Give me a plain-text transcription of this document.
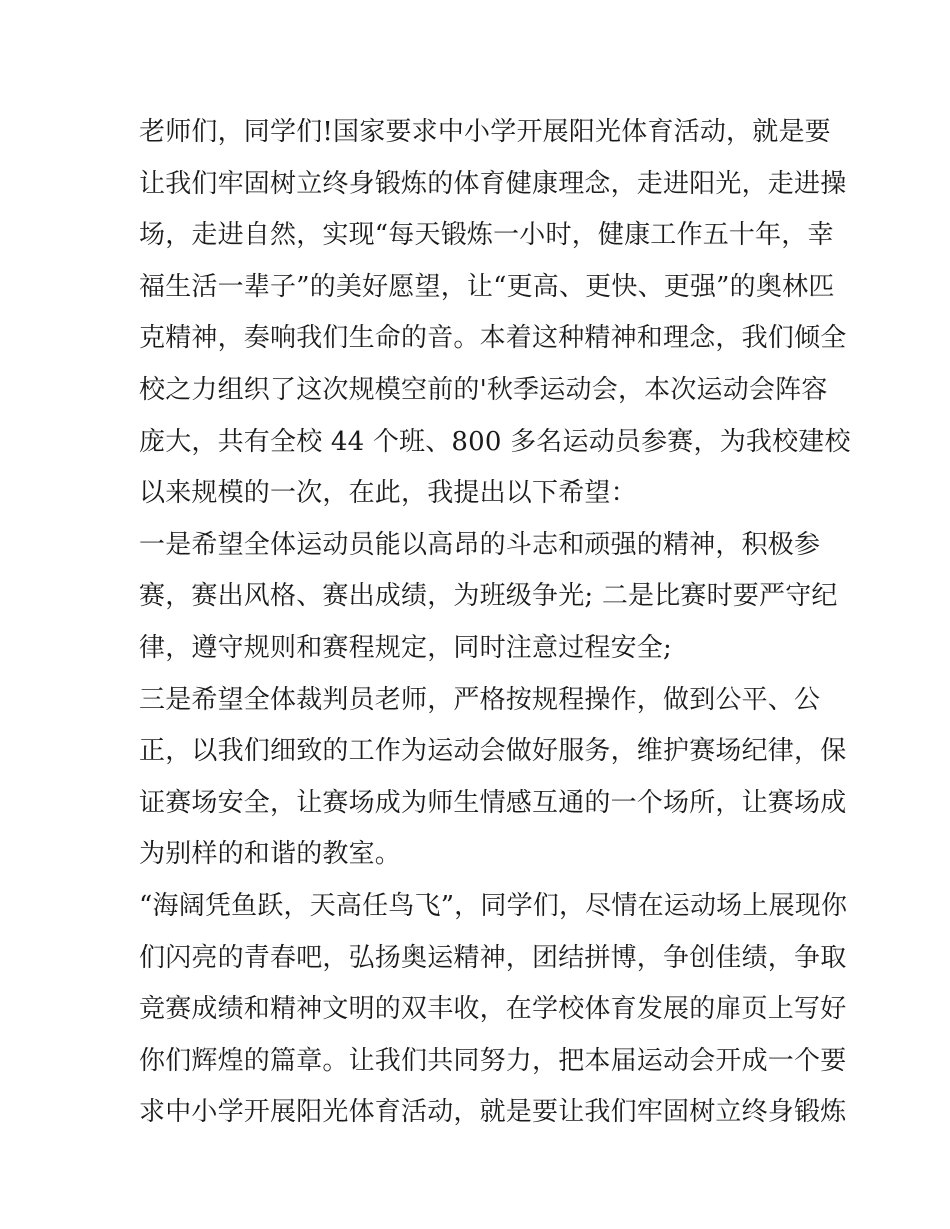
老师们，同学们!国家要求中小学开展阳光体育活动，就是要
让我们牢固树立终身锻炼的体育健康理念，走进阳光，走进操
场，走进自然，实现“每天锻炼一小时，健康工作五十年，幸
福生活一辈子”的美好愿望，让“更高、更快、更强”的奥林匹
克精神，奏响我们生命的音。本着这种精神和理念，我们倾全
校之力组织了这次规模空前的'秋季运动会，本次运动会阵容
庞大，共有全校 44 个班、800 多名运动员参赛，为我校建校
以来规模的一次，在此，我提出以下希望：
一是希望全体运动员能以高昂的斗志和顽强的精神，积极参
赛，赛出风格、赛出成绩，为班级争光; 二是比赛时要严守纪
律，遵守规则和赛程规定，同时注意过程安全;
三是希望全体裁判员老师，严格按规程操作，做到公平、公
正，以我们细致的工作为运动会做好服务，维护赛场纪律，保
证赛场安全，让赛场成为师生情感互通的一个场所，让赛场成
为别样的和谐的教室。
“海阔凭鱼跃，天高任鸟飞”，同学们，尽情在运动场上展现你
们闪亮的青春吧，弘扬奥运精神，团结拼博，争创佳绩，争取
竞赛成绩和精神文明的双丰收，在学校体育发展的扉页上写好
你们辉煌的篇章。让我们共同努力，把本届运动会开成一个要
求中小学开展阳光体育活动，就是要让我们牢固树立终身锻炼
